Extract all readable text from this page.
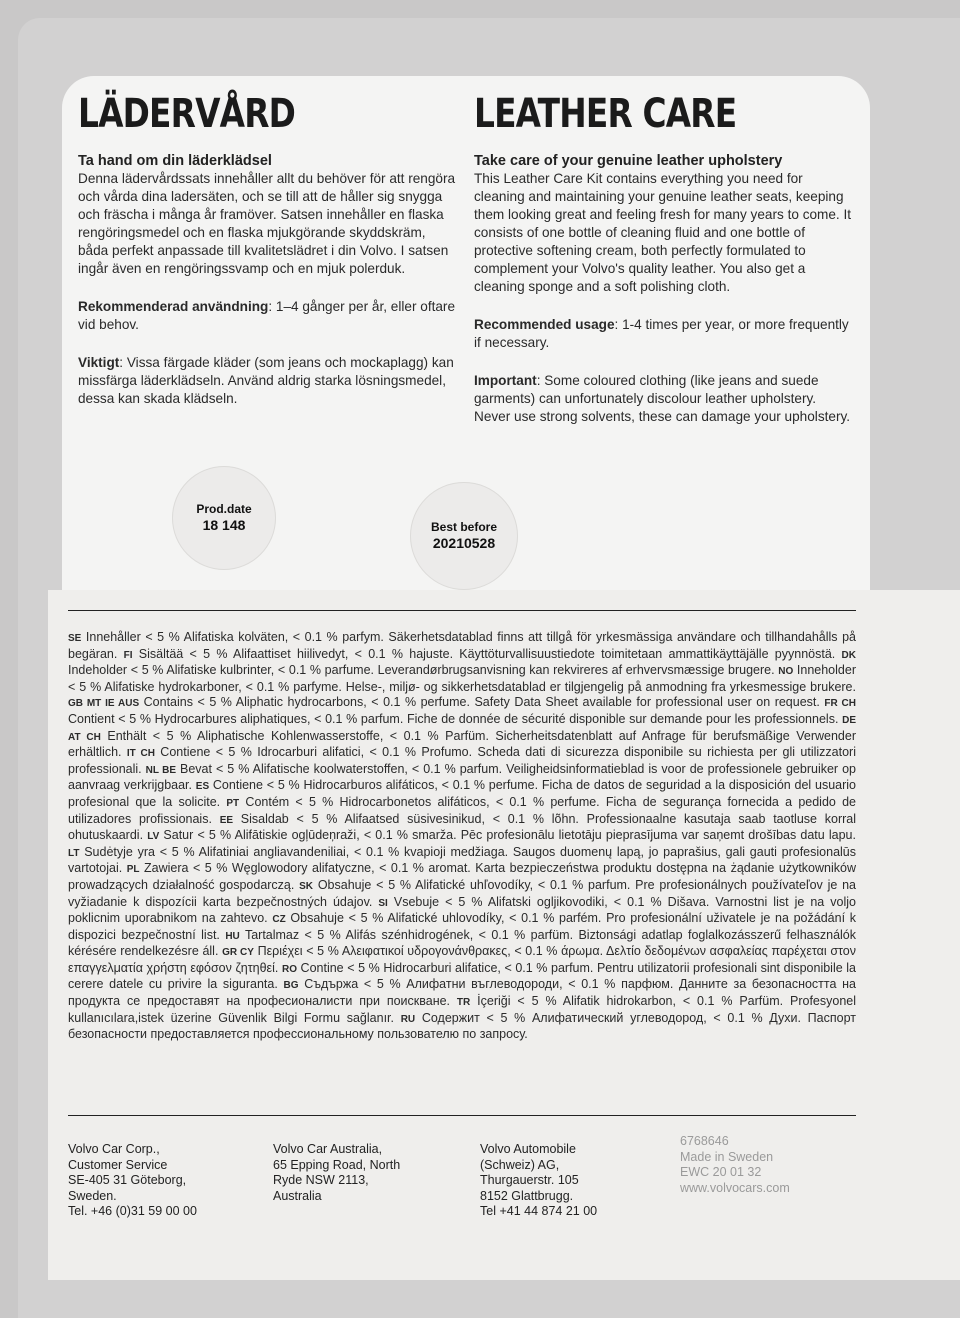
LÄDERVÅRD

Ta hand om din läderklädsel

Denna lädervårdssats innehåller allt du behöver för att rengöra och vårda dina ladersäten, och se till att de håller sig snygga och fräscha i många år framöver. Satsen innehåller en flaska rengöringsmedel och en flaska mjukgörande skyddskräm, båda perfekt anpassade till kvalitetslädret i din Volvo. I satsen ingår även en rengöringssvamp och en mjuk polerduk.

Rekommenderad användning: 1–4 gånger per år, eller oftare vid behov.

Viktigt: Vissa färgade kläder (som jeans och mockaplagg) kan missfärga läderklädseln. Använd aldrig starka lösningsmedel, dessa kan skada klädseln.

LEATHER CARE

Take care of your genuine leather upholstery

This Leather Care Kit contains everything you need for cleaning and maintaining your genuine leather seats, keeping them looking great and feeling fresh for many years to come. It consists of one bottle of cleaning fluid and one bottle of protective softening cream, both perfectly formulated to complement your Volvo's quality leather. You also get a cleaning sponge and a soft polishing cloth.

Recommended usage: 1-4 times per year, or more frequently if necessary.

Important: Some coloured clothing (like jeans and suede garments) can unfortunately discolour leather upholstery. Never use strong solvents, these can damage your upholstery.

Prod.date
18 148	Best before
20210528
SE Innehåller < 5 % Alifatiska kolväten, < 0.1 % parfym. Säkerhetsdatablad finns att tillgå för yrkesmässiga användare och tillhandahålls på begäran. FI Sisältää < 5 % Alifaattiset hiilivedyt, < 0.1 % hajuste. Käyttöturvallisuustiedote toimitetaan ammattikäyttäjälle pyynnöstä. DK Indeholder < 5 % Alifatiske kulbrinter, < 0.1 % parfume. Leverandørbrugsanvisning kan rekvireres af erhvervsmæssige brugere. NO Inneholder < 5 % Alifatiske hydrokarboner, < 0.1 % parfyme. Helse-, miljø- og sikkerhetsdatablad er tilgjengelig på anmodning fra yrkesmessige brukere. GB MT IE AUS Contains < 5 % Aliphatic hydrocarbons, < 0.1 % perfume. Safety Data Sheet available for professional user on request. FR CH Contient < 5 % Hydrocarbures aliphatiques, < 0.1 % parfum. Fiche de donnée de sécurité disponible sur demande pour les professionnels. DE AT CH Enthält < 5 % Aliphatische Kohlenwasserstoffe, < 0.1 % Parfüm. Sicherheitsdatenblatt auf Anfrage für berufsmäßige Verwender erhältlich. IT CH Contiene < 5 % Idrocarburi alifatici, < 0.1 % Profumo. Scheda dati di sicurezza disponibile su richiesta per gli utilizzatori professionali. NL BE Bevat < 5 % Alifatische koolwaterstoffen, < 0.1 % parfum. Veiligheidsinformatieblad is voor de professionele gebruiker op aanvraag verkrijgbaar. ES Contiene < 5 % Hidrocarburos alifáticos, < 0.1 % perfume. Ficha de datos de seguridad a la disposición del usuario profesional que la solicite. PT Contém < 5 % Hidrocarbonetos alifáticos, < 0.1 % perfume. Ficha de segurança fornecida a pedido de utilizadores profissionais. EE Sisaldab < 5 % Alifaatsed süsivesinikud, < 0.1 % lõhn. Professionaalne kasutaja saab taotluse korral ohutuskaardi. LV Satur < 5 % Alifātiskie ogļūdeņraži, < 0.1 % smarža. Pēc profesionālu lietotāju pieprasījuma var saņemt drošības datu lapu. LT Sudėtyje yra < 5 % Alifatiniai angliavandeniliai, < 0.1 % kvapioji medžiaga. Saugos duomenų lapą, jo paprašius, gali gauti profesionalūs vartotojai. PL Zawiera < 5 % Węglowodory alifatyczne, < 0.1 % aromat. Karta bezpieczeństwa produktu dostępna na żądanie użytkowników prowadzących działalność gospodarczą. SK Obsahuje < 5 % Alifatické uhľovodíky, < 0.1 % parfum. Pre profesionálnych používateľov je na vyžiadanie k dispozícii karta bezpečnostných údajov. SI Vsebuje < 5 % Alifatski ogljikovodiki, < 0.1 % Dišava. Varnostni list je na voljo poklicnim uporabnikom na zahtevo. CZ Obsahuje < 5 % Alifatické uhlovodíky, < 0.1 % parfém. Pro profesionální uživatele je na požádání k dispozici bezpečnostní list. HU Tartalmaz < 5 % Alifás szénhidrogének, < 0.1 % parfüm. Biztonsági adatlap foglalkozásszerű felhasználók kérésére rendelkezésre áll. GR CY Περιέχει < 5 % Αλειφατικοί υδρογονάνθρακες, < 0.1 % άρωμα. Δελτίο δεδομένων ασφαλείας παρέχεται στον επαγγελματία χρήστη εφόσον ζητηθεί. RO Contine < 5 % Hidrocarburi alifatice, < 0.1 % parfum. Pentru utilizatorii profesionali sint disponibile la cerere datele cu privire la siguranta. BG Съдържа < 5 % Алифатни въглеводороди, < 0.1 % парфюм. Данните за безопасността на продукта се предоставят на професионалисти при поискване. TR İçeriği < 5 % Alifatik hidrokarbon, < 0.1 % Parfüm. Profesyonel kullanıcılara,istek üzerine Güvenlik Bilgi Formu sağlanır. RU Содержит < 5 % Алифатический углеводород, < 0.1 % Духи. Паспорт безопасности предоставляется профессиональному пользователю по запросу.
Volvo Car Corp.,
Customer Service
SE-405 31 Göteborg,
Sweden.
Tel. +46 (0)31 59 00 00
Volvo Car Australia,
65 Epping Road, North
Ryde NSW 2113,
Australia
Volvo Automobile
(Schweiz) AG,
Thurgauerstr. 105
8152 Glattbrugg.
Tel +41 44 874 21 00
6768646
Made in Sweden
EWC 20 01 32
www.volvocars.com
